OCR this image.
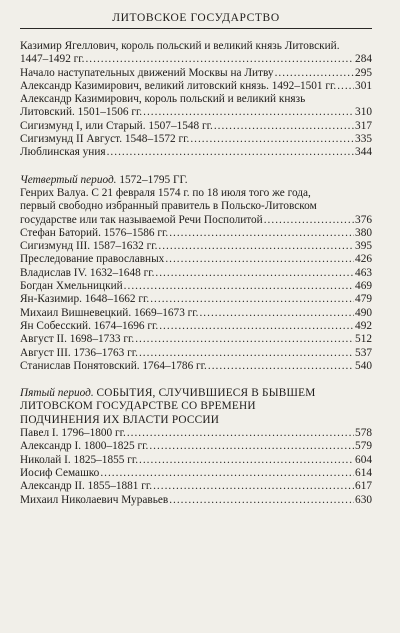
ЛИТОВСКОЕ ГОСУДАРСТВО
Казимир Ягеллович, король польский и великий князь Литовский.
1447–1492 гг. .....	284
Начало наступательных движений Москвы на Литву .....	295
Александр Казимирович, великий литовский князь. 1492–1501 гг. ..... 301
Александр Казимирович, король польский и великий князь
Литовский. 1501–1506 гг. .....	310
Сигизмунд I, или Старый. 1507–1548 гг. .....	317
Сигизмунд II Август. 1548–1572 гг. .....	335
Люблинская уния .....	344
Четвертый период. 1572–1795 ГГ.
Генрих Валуа. С 21 февраля 1574 г. по 18 июля того же года,
первый свободно избранный правитель в Польско-Литовском
государстве или так называемой Речи Посполитой .....	376
Стефан Баторий. 1576–1586 гг. .....	380
Сигизмунд III. 1587–1632 гг. .....	395
Преследование православных .....	426
Владислав IV. 1632–1648 гг. .....	463
Богдан Хмельницкий .....	469
Ян-Казимир. 1648–1662 гг. .....	479
Михаил Вишневецкий. 1669–1673 гг. .....	490
Ян Собесский. 1674–1696 гг. .....	492
Август II. 1698–1733 гг. .....	512
Август III. 1736–1763 гг. .....	537
Станислав Понятовский. 1764–1786 гг. .....	540
Пятый период. СОБЫТИЯ, СЛУЧИВШИЕСЯ В БЫВШЕМ
ЛИТОВСКОМ ГОСУДАРСТВЕ СО ВРЕМЕНИ
ПОДЧИНЕНИЯ ИХ ВЛАСТИ РОССИИ
Павел I. 1796–1800 гг. .....	578
Александр I. 1800–1825 гг. .....	579
Николай I. 1825–1855 гг. .....	604
Иосиф Семашко .....	614
Александр II. 1855–1881 гг. .....	617
Михаил Николаевич Муравьев .....	630
